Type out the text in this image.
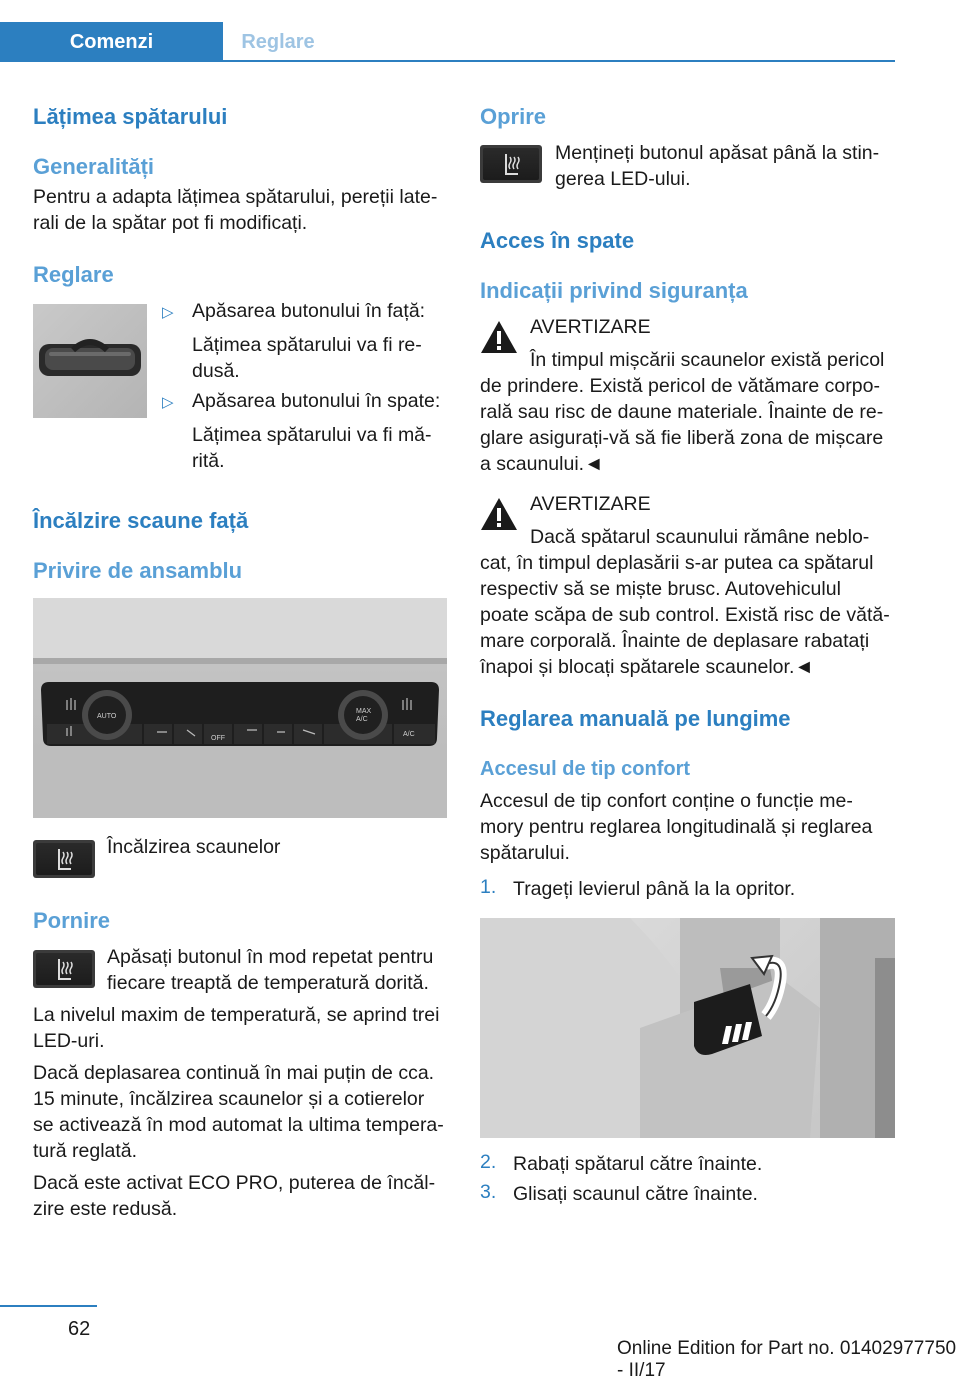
Comenzi	Reglare
Lățimea spătarului
Generalități
Pentru a adapta lățimea spătarului, pereții late-
rali de la spătar pot fi modificați.
Reglare
▷ Apăsarea butonului în față:
Lățimea spătarului va fi re-
dusă.
▷ Apăsarea butonului în spate:
Lățimea spătarului va fi mă-
rită.
Încălzire scaune față
Privire de ansamblu
AUTO
MAX
A/C
OFF
A/C
Încălzirea scaunelor
Pornire
Apăsați butonul în mod repetat pentru
fiecare treaptă de temperatură dorită.
La nivelul maxim de temperatură, se aprind trei
LED-uri.
Dacă deplasarea continuă în mai puțin de cca.
15 minute, încălzirea scaunelor și a cotierelor
se activează în mod automat la ultima tempera-
tură reglată.
Dacă este activat ECO PRO, puterea de încăl-
zire este redusă.
Oprire
Mențineți butonul apăsat până la stin-
gerea LED-ului.
Acces în spate
Indicații privind siguranța
AVERTIZARE
În timpul mișcării scaunelor există pericol
de prindere. Există pericol de vătămare corpo-
rală sau risc de daune materiale. Înainte de re-
glare asigurați-vă să fie liberă zona de mișcare
a scaunului.◄
AVERTIZARE
Dacă spătarul scaunului rămâne neblo-
cat, în timpul deplasării s-ar putea ca spătarul
respectiv să se miște brusc. Autovehiculul
poate scăpa de sub control. Există risc de vătă-
mare corporală. Înainte de deplasare rabatați
înapoi și blocați spătarele scaunelor.◄
Reglarea manuală pe lungime
Accesul de tip confort
Accesul de tip confort conține o funcție me-
mory pentru reglarea longitudinală și reglarea
spătarului.
1. Trageți levierul până la la opritor.
2. Rabați spătarul către înainte.
3. Glisați scaunul către înainte.
62
Online Edition for Part no. 01402977750 - II/17
